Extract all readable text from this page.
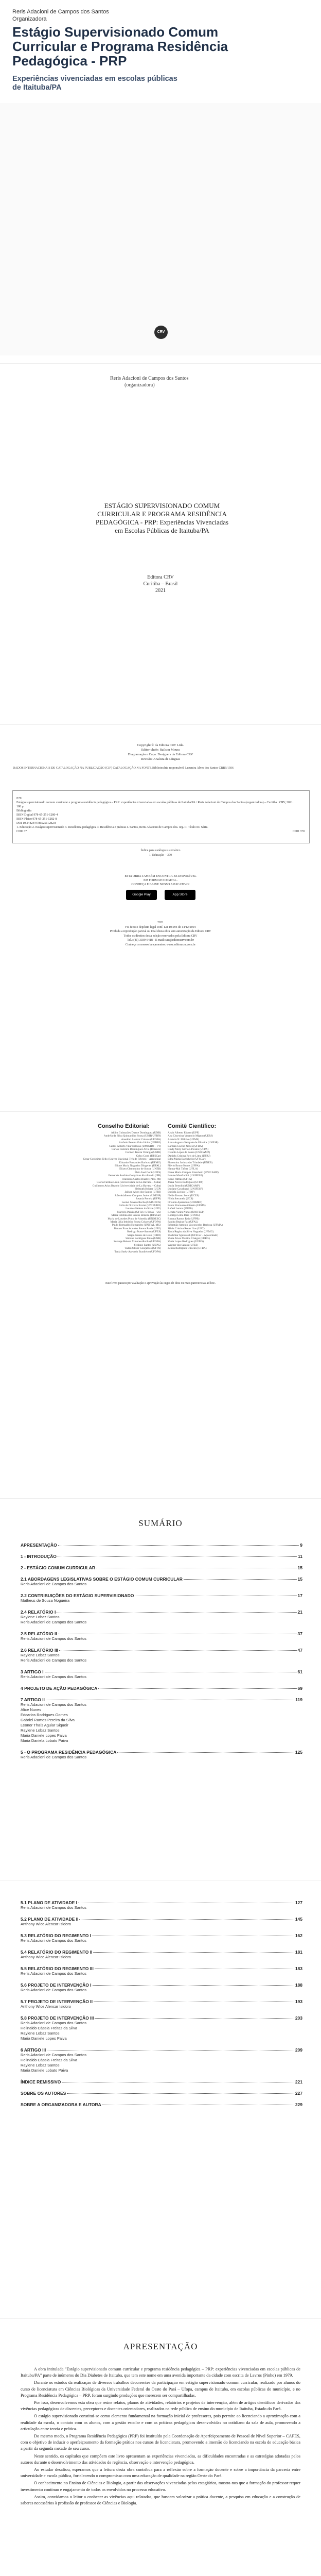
Reris Adacioni de Campos dos Santos
Organizadora
Estágio Supervisionado Comum Curricular e Programa Residência Pedagógica - PRP
Experiências vivenciadas em escolas públicas de Itaituba/PA
CRV
Reris Adacioni de Campos dos Santos
(organizadora)
ESTÁGIO SUPERVISIONADO COMUM CURRICULAR E PROGRAMA RESIDÊNCIA PEDAGÓGICA - PRP: Experiências Vivenciadas em Escolas Públicas de Itaituba/PA
Editora CRV
Curitiba – Brasil
2021
Copyright © da Editora CRV Ltda.
Editor-chefe: Railson Moura
Diagramação e Capa: Designers da Editora CRV
Revisão: Analista de Línguas
DADOS INTERNACIONAIS DE CATALOGAÇÃO NA PUBLICAÇÃO (CIP) CATALOGAÇÃO NA FONTE Bibliotecária responsável: Luzenira Alves dos Santos CRB9/1506
E79
Estágio supervisionado comum curricular e programa residência pedagógica – PRP: experiências vivenciadas em escolas públicas de Itaituba/PA / Reris Adacioni de Campos dos Santos (organizadora) – Curitiba : CRV, 2021.
108 p.
Bibliografia
ISBN Digital 978-65-251-1280-4
ISBN Físico 978-65-251-1282-8
DOI 10.24824/978652511282.8
1. Educação 2. Estágio supervisionado 3. Residência pedagógica 4. Residência e práticas I. Santos, Reris Adacioni de Campos dos. org. II. Título III. Série.
CDU 37	CDD 370
Índice para catálogo sistemático
1. Educação – 370
ESTA OBRA TAMBÉM ENCONTRA-SE DISPONÍVEL
EM FORMATO DIGITAL.
CONHEÇA E BAIXE NOSSO APLICATIVO!
Google Play	App Store
2021
Foi feito o depósito legal conf. Lei 10.994 de 14/12/2004
Proibida a reprodução parcial ou total desta obra sem autorização da Editora CRV
Todos os direitos desta edição reservados pela Editora CRV
Tel.: (41) 3039-6418 - E-mail: sac@editoracrv.com.br
Conheça os nossos lançamentos: www.editoracrv.com.br
Conselho Editorial:	Comitê Científico:
Aldira Guimarães Duarte Domínguez (UNB)
Andréia da Silva Quintanilha Sousa (UNIR/UFRN)
Anselmo Alencar Colares (UFOPA)
Antônio Pereira Gaio Júnior (UFRRJ)
Carlos Alberto Vilar Estêvão (UMINHO – PT)
Carlos Federico Domínguez Avila (Unieuro)
Carmen Tereza Velanga (UNIR)
Celso Conti (UFSCar)
Cesar Gerónimo Tello (Univer .Nacional Três de Febrero – Argentina)
Eduardo Fernandes Barbosa (UFMG)
Elione Maria Nogueira Diogenes (UFAL)
Elizeu Clementino de Souza (UNEB)
Élsio José Corá (UFFS)
Fernando Antônio Gonçalves Alcoforado (IPB)
Francisco Carlos Duarte (PUC-PR)
Gloria Fariñas León (Universidade de La Havana – Cuba)
Guillermo Arias Beatón (Universidade de La Havana – Cuba)
Helmuth Krüger (UCP)
Jailson Alves dos Santos (UFRJ)
João Adalberto Campato Junior (UNESP)
Josania Portela (UFPI)
Leonel Severo Rocha (UNISINOS)
Lídia de Oliveira Xavier (UNIEURO)
Lourdes Helena da Silva (UFV)
Marcelo Paixão (UFRJ e UTexas – US)
Maria Cristina dos Santos Bezerra (UFSCar)
Maria de Lourdes Pinto de Almeida (UNOESC)
Maria Lília Imbiriba Sousa Colares (UFOPA)
Paulo Romualdo Hernandes (UNIFAL-MG)
Renato Francisco dos Santos Paula (UFG)
Rodrigo Pratte-Santos (UFES)
Sérgio Nunes de Jesus (IFRO)
Simone Rodrigues Pinto (UNB)
Solange Helena Ximenes-Rocha (UFOPA)
Sydione Santos (UEPG)
Tadeu Oliver Gonçalves (UFPA)
Tania Suely Azevedo Brasileiro (UFOPA)
Altair Alberto Fávero (UPF)
Ana Chrystina Venancio Mignot (UERJ)
Andréia N. Militão (UEMS)
Anna Augusta Sampaio de Oliveira (UNESP)
Barbara Coelho Neves (UFBA)
Cindy Mery Gavioli-Prestes (UFPA)
Cláudia Lopes de Souza (UNICAMP)
Daniela Cristina Reis de Lima (UFRJ)
Edna Maria Barrichello (UFSCar)
Florentina Jacinta das Trindade (UNEB)
Flávio Bruno Nunes (UFPA)
Hanna-Mal Tafner (UFLA)
Iliana Maria Campos Bianchetti (UNICAMP)
Ivanise Monfredini (UNIFESP)
Ivone Pattrão (UFPA)
Joana Neves Rodrigues (UFPA)
Lucia Bertolini (UNICAMP)
Luciane Cavalcanti (UNIFESP)
Lucíola Licínio (UFOP)
Neide Bonato Sorel (UCES)
Nilda Stecanela (UCS)
Orlando Aparecido (UNIMEP)
Paulo Fioravante Giareta (UFMS)
Rafael Lemos (UFPB)
Renata Vieira Nunes (UNIFESP)
Rodrigo Lima Dias (UFMG)
Rosana Ramos Reis (UFPB)
Sandra Regina Paz (UFAL)
Sebastião Antonio Vasconcelos Barbosa (UFMA)
Silvia Cristina Rosas Lins (UFC)
Tania Regina da Silva Nogueira (UFMG)
Valdemar Sguissardi (UFSCar – Aposentado)
Vania Alves Martins Chaigar (FURG)
Vania Lopes Rodrigues (UFMS)
Wagner dos Santos (UFES)
Zenita Rodrigues Oliveira (UFBA)
Este livro passou por avaliação e aprovação às cegas de dois ou mais pareceristas ad hoc.
SUMÁRIO
APRESENTAÇÃO	9
1 - INTRODUÇÃO	11
2 - ESTÁGIO COMUM CURRICULAR	15
2.1 ABORDAGENS LEGISLATIVAS SOBRE O ESTÁGIO COMUM CURRICULAR	15
Reris Adacioni de Campos dos Santos
2.2 CONTRIBUIÇÕES DO ESTÁGIO SUPERVISIONADO	17
Matheus de Souza Nogueira
2.4 RELATÓRIO I	21
Raylene Lobaz Santos
Reris Adacioni de Campos dos Santos
2.5 RELATÓRIO II	37
Reris Adacioni de Campos dos Santos
2.6 RELATÓRIO III	47
Raylene Lobaz Santos
Reris Adacioni de Campos dos Santos
3 ARTIGO I	61
Reris Adacioni de Campos dos Santos
4 PROJETO DE AÇÃO PEDAGÓGICA	69
7 ARTIGO II	119
Reris Adacioni de Campos dos Santos
Alice Nunes
Edcarlos Rodrigues Gomes
Gabriel Ramos Pereira da Silva
Leonor Thaís Aguiar Siqueir
Raylene Lobaz Santos
Maria Daniele Lopes Paiva
Maria Daniela Lobato Paiva
5 - O PROGRAMA RESIDÊNCIA PEDAGÓGICA	125
Reris Adacioni de Campos dos Santos
5.1 PLANO DE ATIVIDADE I	127
Reris Adacioni de Campos dos Santos
5.2 PLANO DE ATIVIDADE II	145
Anthony Wice Alencar Isidoro
5.3 RELATÓRIO DO REGIMENTO I	162
Reris Adacioni de Campos dos Santos
5.4 RELATÓRIO DO REGIMENTO II	181
Anthony Wice Alencar Isidoro
5.5 RELATÓRIO DO REGIMENTO III	183
Reris Adacioni de Campos dos Santos
5.6 PROJETO DE INTERVENÇÃO I	188
Reris Adacioni de Campos dos Santos
5.7 PROJETO DE INTERVENÇÃO II	193
Anthony Wice Alencar Isidoro
5.8 PROJETO DE INTERVENÇÃO III	203
Reris Adacioni de Campos dos Santos
Helinaldo Cássia Freitas da Silva
Raylene Lobaz Santos
Maria Daniele Lopes Paiva
6 ARTIGO III	209
Reris Adacioni de Campos dos Santos
Helinaldo Cássia Freitas da Silva
Raylene Lobaz Santos
Maria Daniele Lobato Paiva
ÍNDICE REMISSIVO	221
SOBRE OS AUTORES	227
SOBRE A ORGANIZADORA E AUTORA	229
APRESENTAÇÃO

A obra intitulada "Estágio supervisionado comum curricular e programa residência pedagógica – PRP: experiências vivenciadas em escolas públicas de Itaituba/PA" parte de inúmeros do Dia Diabetes de Itaituba, que tem este nome em uma avenida importante da cidade com escrita de Lavros (Pinho) em 1979.

Durante os estudos da realização de diversos trabalhos decorrentes da participação em estágio supervisionado comum curricular, realizado por alunos do curso de licenciatura em Ciências Biológicas da Universidade Federal do Oeste do Pará – Ufopa, campus de Itaituba, em escolas públicas do município, e no Programa Residência Pedagógica – PRP, foram surgindo produções que merecem ser compartilhadas.

Por isso, desenvolvemos esta obra que reúne relatos, planos de atividades, relatórios e projetos de intervenção, além de artigos científicos derivados das vivências pedagógicas de discentes, preceptores e docentes orientadores, realizados na rede pública de ensino do município de Itaituba, Estado do Pará.

O estágio supervisionado constitui-se como elemento fundamental na formação inicial de professores, pois permite ao licenciando a aproximação com a realidade da escola, o contato com os alunos, com a gestão escolar e com as práticas pedagógicas desenvolvidas no cotidiano da sala de aula, promovendo a articulação entre teoria e prática.

Do mesmo modo, o Programa Residência Pedagógica (PRP) foi instituído pela Coordenação de Aperfeiçoamento de Pessoal de Nível Superior – CAPES, com o objetivo de induzir o aperfeiçoamento da formação prática nos cursos de licenciatura, promovendo a imersão do licenciando na escola de educação básica a partir da segunda metade de seu curso.

Neste sentido, os capítulos que compõem este livro apresentam as experiências vivenciadas, as dificuldades encontradas e as estratégias adotadas pelos autores durante o desenvolvimento das atividades de regência, observação e intervenção pedagógica.

Ao estudar desafiou, esperamos que a leitura desta obra contribua para a reflexão sobre a formação docente e sobre a importância da parceria entre universidade e escola pública, fortalecendo o compromisso com uma educação de qualidade na região Oeste do Pará.

O conhecimento no Ensino de Ciências e Biologia, a partir das observações vivenciadas pelos estagiários, mostra-nos que a formação do professor requer investimento contínuo e engajamento de todos os envolvidos no processo educativo.

Assim, convidamos o leitor a conhecer as vivências aqui relatadas, que buscam valorizar a prática docente, a pesquisa em educação e a construção de saberes necessários à profissão de professor de Ciências e Biologia.
